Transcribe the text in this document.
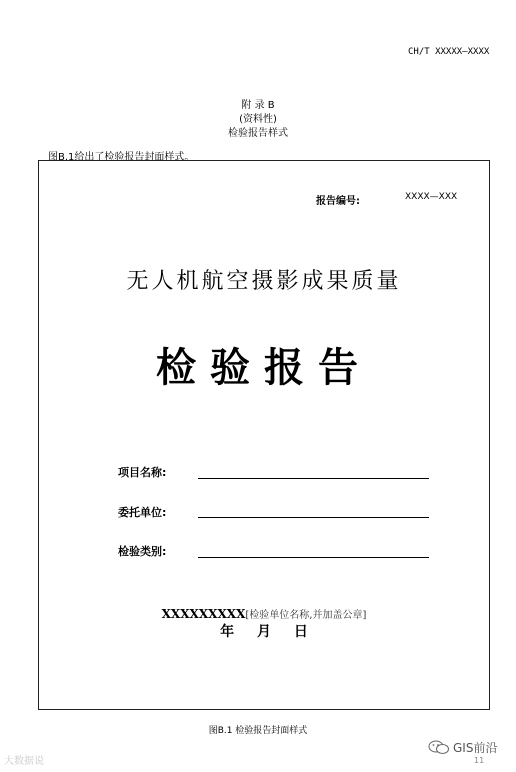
CH/T XXXXX—XXXX
附 录 B
(资料性)
检验报告样式
图B.1给出了检验报告封面样式。
报告编号:	XXXX—XXX
无人机航空摄影成果质量
检验报告
项目名称:
委托单位:
检验类别:
XXXXXXXXX[检验单位名称,并加盖公章]
年 月 日
图B.1 检验报告封面样式
大数据说
GIS前沿
11
